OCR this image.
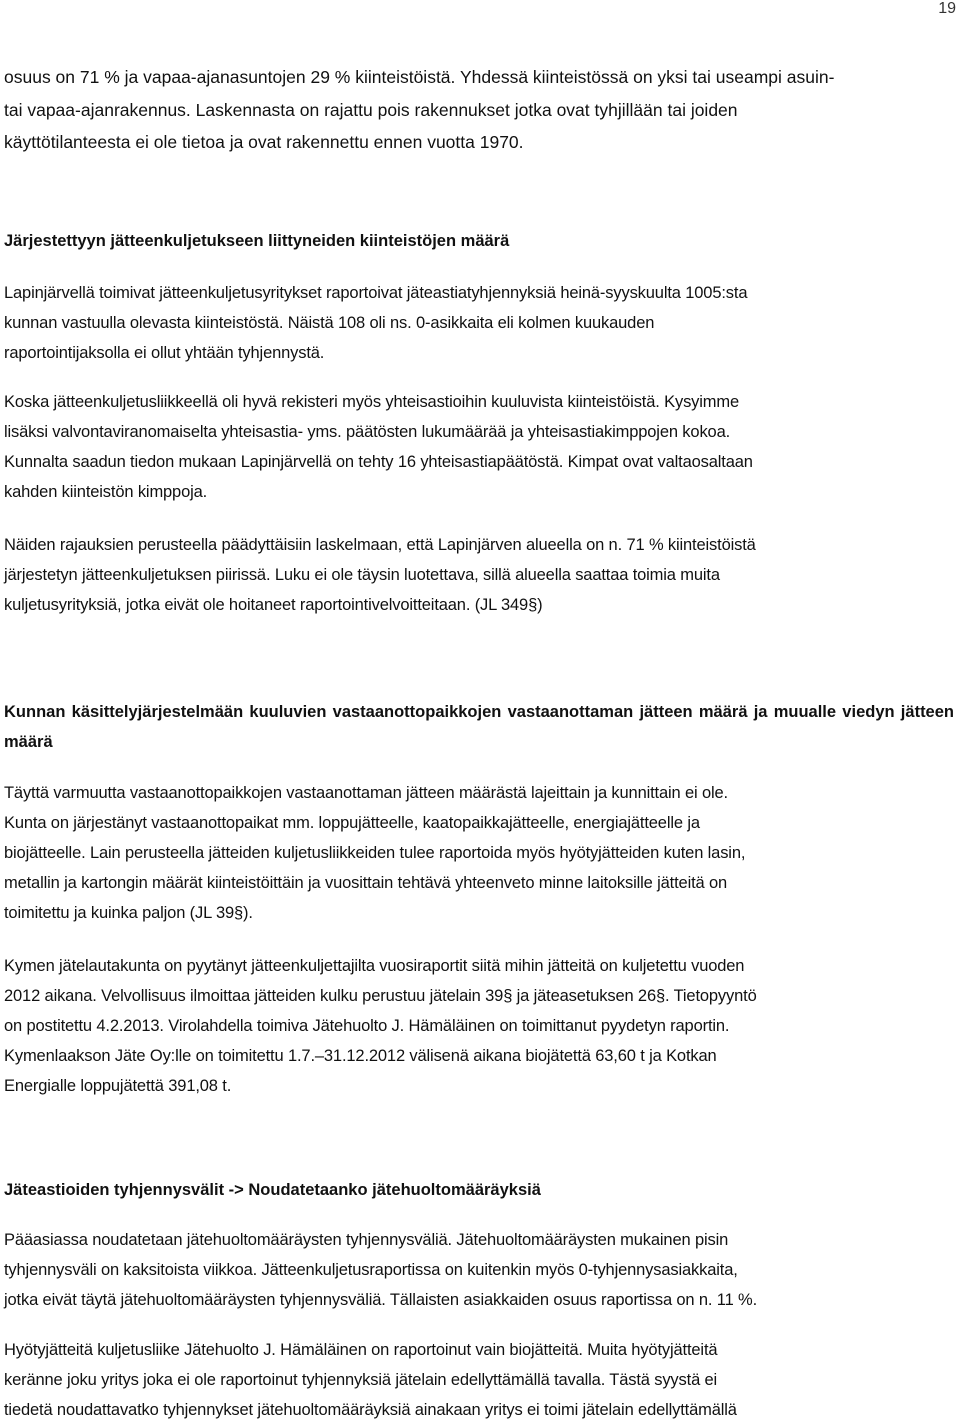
19
osuus on 71 % ja vapaa-ajanasuntojen 29 % kiinteistöistä. Yhdessä kiinteistössä on yksi tai useampi asuin-
tai vapaa-ajanrakennus. Laskennasta on rajattu pois rakennukset jotka ovat tyhjillään tai joiden
käyttötilanteesta ei ole tietoa ja ovat rakennettu ennen vuotta 1970.
Järjestettyyn jätteenkuljetukseen liittyneiden kiinteistöjen määrä
Lapinjärvellä toimivat jätteenkuljetusyritykset raportoivat jäteastiatyhjennyksiä heinä-syyskuulta 1005:sta
kunnan vastuulla olevasta kiinteistöstä. Näistä 108 oli ns. 0-asikkaita eli kolmen kuukauden
raportointijaksolla ei ollut yhtään tyhjennystä.
Koska jätteenkuljetusliikkeellä oli hyvä rekisteri myös yhteisastioihin kuuluvista kiinteistöistä. Kysyimme
lisäksi valvontaviranomaiselta yhteisastia- yms. päätösten lukumäärää ja yhteisastiakimppojen kokoa.
Kunnalta saadun tiedon mukaan Lapinjärvellä on tehty 16 yhteisastiapäätöstä. Kimpat ovat valtaosaltaan
kahden kiinteistön kimppoja.
Näiden rajauksien perusteella päädyttäisiin laskelmaan, että Lapinjärven alueella on n. 71 % kiinteistöistä
järjestetyn jätteenkuljetuksen piirissä. Luku ei ole täysin luotettava, sillä alueella saattaa toimia muita
kuljetusyrityksiä, jotka eivät ole hoitaneet raportointivelvoitteitaan. (JL 349§)
Kunnan käsittelyjärjestelmään kuuluvien vastaanottopaikkojen vastaanottaman jätteen määrä ja muualle viedyn jätteen määrä
Täyttä varmuutta vastaanottopaikkojen vastaanottaman jätteen määrästä lajeittain ja kunnittain ei ole.
Kunta on järjestänyt vastaanottopaikat mm. loppujätteelle, kaatopaikkajätteelle, energiajätteelle ja
biojätteelle. Lain perusteella jätteiden kuljetusliikkeiden tulee raportoida myös hyötyjätteiden kuten lasin,
metallin ja kartongin määrät kiinteistöittäin ja vuosittain tehtävä yhteenveto minne laitoksille jätteitä on
toimitettu ja kuinka paljon (JL 39§).
Kymen jätelautakunta on pyytänyt jätteenkuljettajilta vuosiraportit siitä mihin jätteitä on kuljetettu vuoden
2012 aikana. Velvollisuus ilmoittaa jätteiden kulku perustuu jätelain 39§ ja jäteasetuksen 26§. Tietopyyntö
on postitettu 4.2.2013. Virolahdella toimiva Jätehuolto J. Hämäläinen on toimittanut pyydetyn raportin.
Kymenlaakson Jäte Oy:lle on toimitettu 1.7.–31.12.2012 välisenä aikana biojätettä 63,60 t ja Kotkan
Energialle loppujätettä 391,08 t.
Jäteastioiden tyhjennysvälit -> Noudatetaanko jätehuoltomääräyksiä
Pääasiassa noudatetaan jätehuoltomääräysten tyhjennysväliä. Jätehuoltomääräysten mukainen pisin
tyhjennysväli on kaksitoista viikkoa. Jätteenkuljetusraportissa on kuitenkin myös 0-tyhjennysasiakkaita,
jotka eivät täytä jätehuoltomääräysten tyhjennysväliä. Tällaisten asiakkaiden osuus raportissa on n. 11 %.
Hyötyjätteitä kuljetusliike Jätehuolto J. Hämäläinen on raportoinut vain biojätteitä. Muita hyötyjätteitä
keränne joku yritys joka ei ole raportoinut tyhjennyksiä jätelain edellyttämällä tavalla. Tästä syystä ei
tiedetä noudattavatko tyhjennykset jätehuoltomääräyksiä ainakaan yritys ei toimi jätelain edellyttämällä
